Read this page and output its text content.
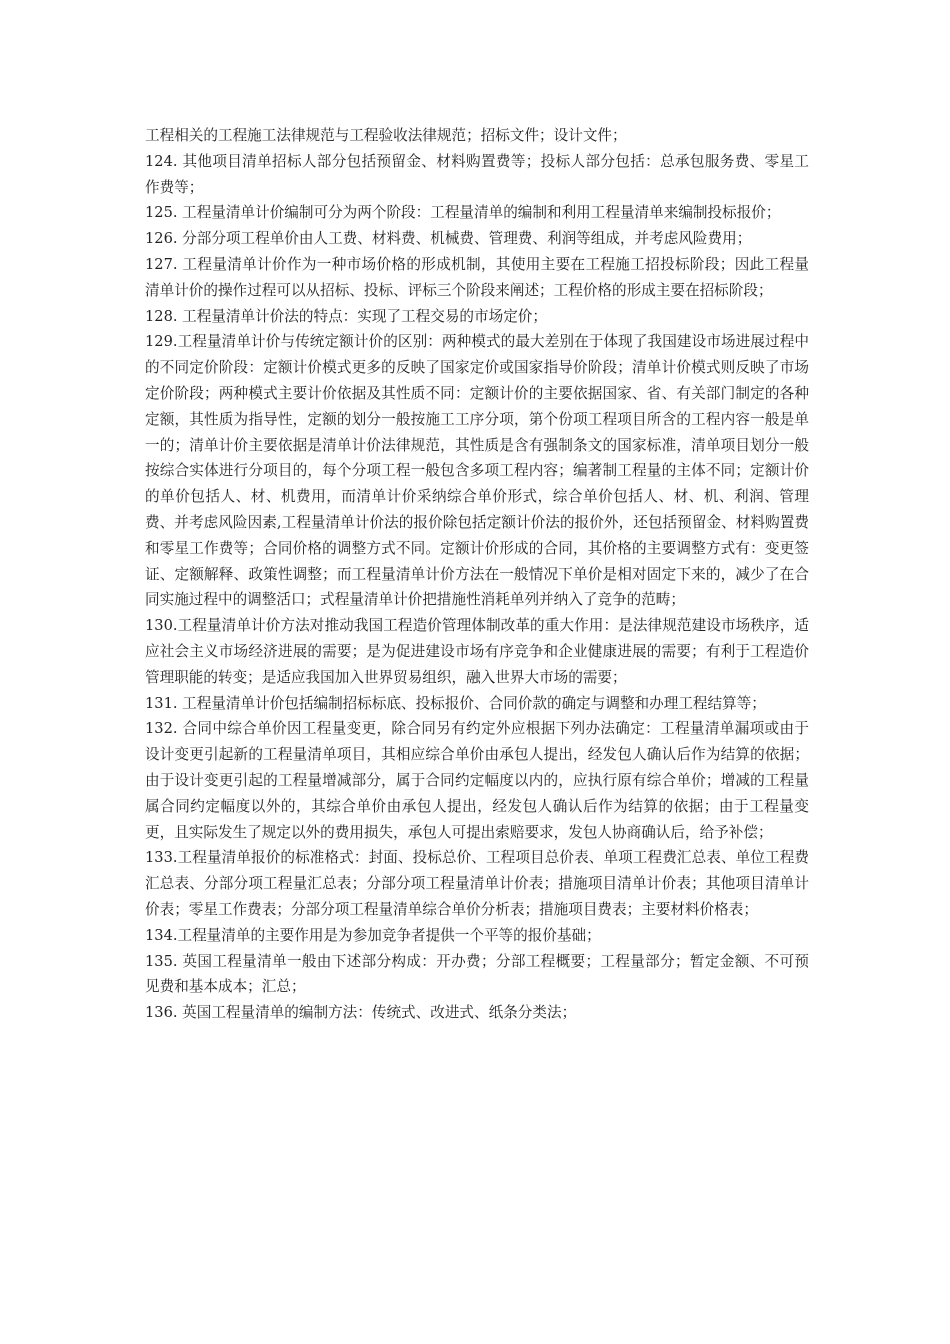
工程相关的工程施工法律规范与工程验收法律规范；招标文件；设计文件；

124. 其他项目清单招标人部分包括预留金、材料购置费等；投标人部分包括：总承包服务费、零星工作费等；

125. 工程量清单计价编制可分为两个阶段：工程量清单的编制和利用工程量清单来编制投标报价；

126. 分部分项工程单价由人工费、材料费、机械费、管理费、利润等组成，并考虑风险费用；

127. 工程量清单计价作为一种市场价格的形成机制，其使用主要在工程施工招投标阶段；因此工程量清单计价的操作过程可以从招标、投标、评标三个阶段来阐述；工程价格的形成主要在招标阶段；

128. 工程量清单计价法的特点：实现了工程交易的市场定价；

129.工程量清单计价与传统定额计价的区别：两种模式的最大差别在于体现了我国建设市场进展过程中的不同定价阶段：定额计价模式更多的反映了国家定价或国家指导价阶段；清单计价模式则反映了市场定价阶段；两种模式主要计价依据及其性质不同：定额计价的主要依据国家、省、有关部门制定的各种定额，其性质为指导性，定额的划分一般按施工工序分项，第个份项工程项目所含的工程内容一般是单一的；清单计价主要依据是清单计价法律规范，其性质是含有强制条文的国家标准，清单项目划分一般按综合实体进行分项目的，每个分项工程一般包含多项工程内容；编著制工程量的主体不同；定额计价的单价包括人、材、机费用，而清单计价采纳综合单价形式，综合单价包括人、材、机、利润、管理费、并考虑风险因素,工程量清单计价法的报价除包括定额计价法的报价外，还包括预留金、材料购置费和零星工作费等；合同价格的调整方式不同。定额计价形成的合同，其价格的主要调整方式有：变更签证、定额解释、政策性调整；而工程量清单计价方法在一般情况下单价是相对固定下来的，减少了在合同实施过程中的调整活口；式程量清单计价把措施性消耗单列并纳入了竞争的范畴；

130.工程量清单计价方法对推动我国工程造价管理体制改革的重大作用：是法律规范建设市场秩序，适应社会主义市场经济进展的需要；是为促进建设市场有序竞争和企业健康进展的需要；有利于工程造价管理职能的转变；是适应我国加入世界贸易组织，融入世界大市场的需要；

131. 工程量清单计价包括编制招标标底、投标报价、合同价款的确定与调整和办理工程结算等；

132. 合同中综合单价因工程量变更，除合同另有约定外应根据下列办法确定：工程量清单漏项或由于设计变更引起新的工程量清单项目，其相应综合单价由承包人提出，经发包人确认后作为结算的依据；由于设计变更引起的工程量增减部分，属于合同约定幅度以内的，应执行原有综合单价；增减的工程量属合同约定幅度以外的，其综合单价由承包人提出，经发包人确认后作为结算的依据；由于工程量变更，且实际发生了规定以外的费用损失，承包人可提出索赔要求，发包人协商确认后，给予补偿；

133.工程量清单报价的标准格式：封面、投标总价、工程项目总价表、单项工程费汇总表、单位工程费汇总表、分部分项工程量汇总表；分部分项工程量清单计价表；措施项目清单计价表；其他项目清单计价表；零星工作费表；分部分项工程量清单综合单价分析表；措施项目费表；主要材料价格表；

134.工程量清单的主要作用是为参加竞争者提供一个平等的报价基础；

135. 英国工程量清单一般由下述部分构成：开办费；分部工程概要；工程量部分；暂定金额、不可预见费和基本成本；汇总；

136. 英国工程量清单的编制方法：传统式、改进式、纸条分类法；
